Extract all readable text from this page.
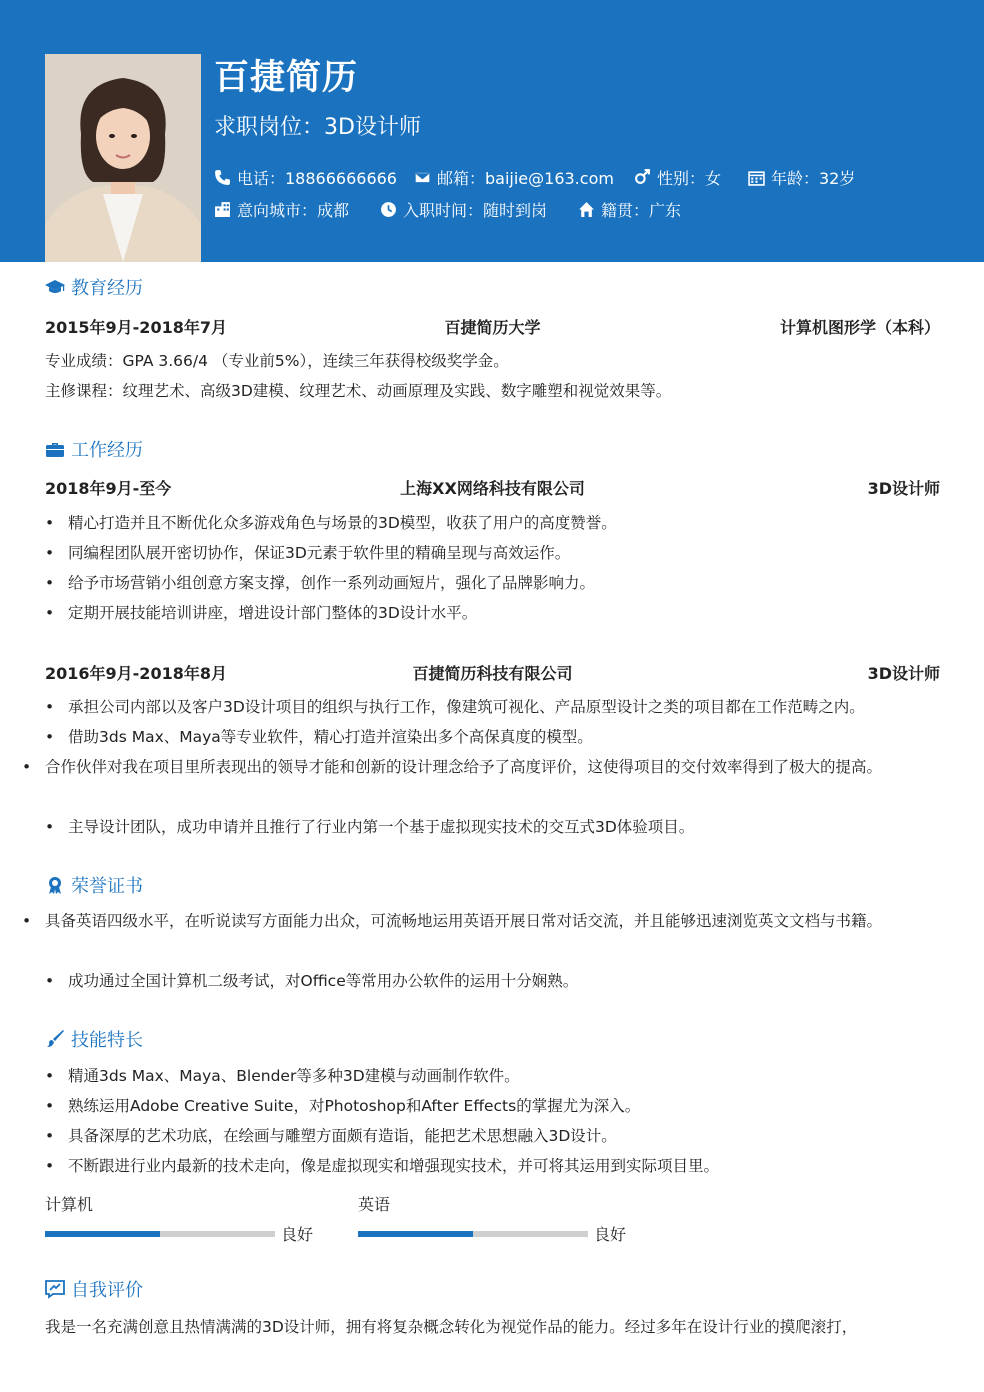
百捷简历
求职岗位：3D设计师
电话：18866666666	邮箱：baijie@163.com	性别：女	年龄：32岁
意向城市：成都	入职时间：随时到岗	籍贯：广东
教育经历
百捷简历大学
2015年9月-2018年7月	计算机图形学（本科）
专业成绩：GPA 3.66/4 （专业前5%），连续三年获得校级奖学金。
主修课程：纹理艺术、高级3D建模、纹理艺术、动画原理及实践、数字雕塑和视觉效果等。
工作经历
上海XX网络科技有限公司
2018年9月-至今	3D设计师
• 精心打造并且不断优化众多游戏角色与场景的3D模型，收获了用户的高度赞誉。
• 同编程团队展开密切协作，保证3D元素于软件里的精确呈现与高效运作。
• 给予市场营销小组创意方案支撑，创作一系列动画短片，强化了品牌影响力。
• 定期开展技能培训讲座，增进设计部门整体的3D设计水平。
百捷简历科技有限公司
2016年9月-2018年8月	3D设计师
• 承担公司内部以及客户3D设计项目的组织与执行工作，像建筑可视化、产品原型设计之类的项目都在工作范畴之内。
• 借助3ds Max、Maya等专业软件，精心打造并渲染出多个高保真度的模型。
• 合作伙伴对我在项目里所表现出的领导才能和创新的设计理念给予了高度评价，这使得项目的交付效率得到了极大的提高。
• 主导设计团队，成功申请并且推行了行业内第一个基于虚拟现实技术的交互式3D体验项目。
荣誉证书
• 具备英语四级水平，在听说读写方面能力出众，可流畅地运用英语开展日常对话交流，并且能够迅速浏览英文文档与书籍。
• 成功通过全国计算机二级考试，对Office等常用办公软件的运用十分娴熟。
技能特长
• 精通3ds Max、Maya、Blender等多种3D建模与动画制作软件。
• 熟练运用Adobe Creative Suite，对Photoshop和After Effects的掌握尤为深入。
• 具备深厚的艺术功底，在绘画与雕塑方面颇有造诣，能把艺术思想融入3D设计。
• 不断跟进行业内最新的技术走向，像是虚拟现实和增强现实技术，并可将其运用到实际项目里。
计算机
良好
英语
良好
自我评价
我是一名充满创意且热情满满的3D设计师，拥有将复杂概念转化为视觉作品的能力。经过多年在设计行业的摸爬滚打，
